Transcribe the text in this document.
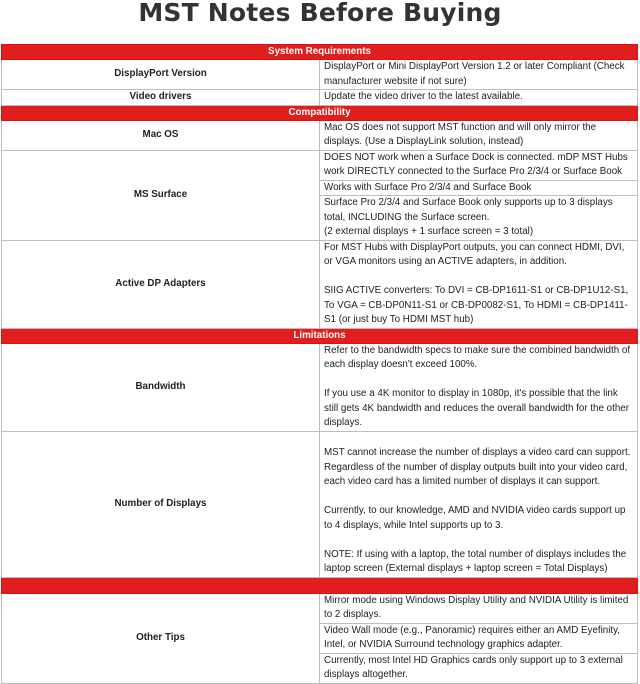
MST Notes Before Buying
System Requirements	
DisplayPort Version	DisplayPort or Mini DisplayPort Version 1.2 or later Compliant (Check manufacturer website if not sure)
Video drivers	Update the video driver to the latest available.
Compatibility	
Mac OS	Mac OS does not support MST function and will only mirror the displays. (Use a DisplayLink solution, instead)
MS Surface	DOES NOT work when a Surface Dock is connected. mDP MST Hubs work DIRECTLY connected to the Surface Pro 2/3/4 or Surface Book
	Works with Surface Pro 2/3/4 and Surface Book

	Surface Pro 2/3/4 and Surface Book only supports up to 3 displays total, INCLUDING the Surface screen.

(2 external displays + 1 surface screen = 3 total)

Active DP Adapters	For MST Hubs with DisplayPort outputs, you can connect HDMI, DVI, or VGA monitors using an ACTIVE adapters, in addition.

SIIG ACTIVE converters: To DVI = CB-DP1611-S1 or CB-DP1U12-S1, To VGA = CB-DP0N11-S1 or CB-DP0082-S1, To HDMI = CB-DP1411-S1 (or just buy To HDMI MST hub)

Limitations	
Bandwidth	Refer to the bandwidth specs to make sure the combined bandwidth of each display doesn't exceed 100%.

If you use a 4K monitor to display in 1080p, it's possible that the link still gets 4K bandwidth and reduces the overall bandwidth for the other displays.

Number of Displays	MST cannot increase the number of displays a video card can support. Regardless of the number of display outputs built into your video card, each video card has a limited number of displays it can support.

Currently, to our knowledge, AMD and NVIDIA video cards support up to 4 displays, while Intel supports up to 3.

NOTE: If using with a laptop, the total number of displays includes the laptop screen (External displays + laptop screen = Total Displays)

Other Tips	Mirror mode using Windows Display Utility and NVIDIA Utility is limited to 2 displays.
	Video Wall mode (e.g., Panoramic) requires either an AMD Eyefinity, Intel, or NVIDIA Surround technology graphics adapter.
	Currently, most Intel HD Graphics cards only support up to 3 external displays altogether.
